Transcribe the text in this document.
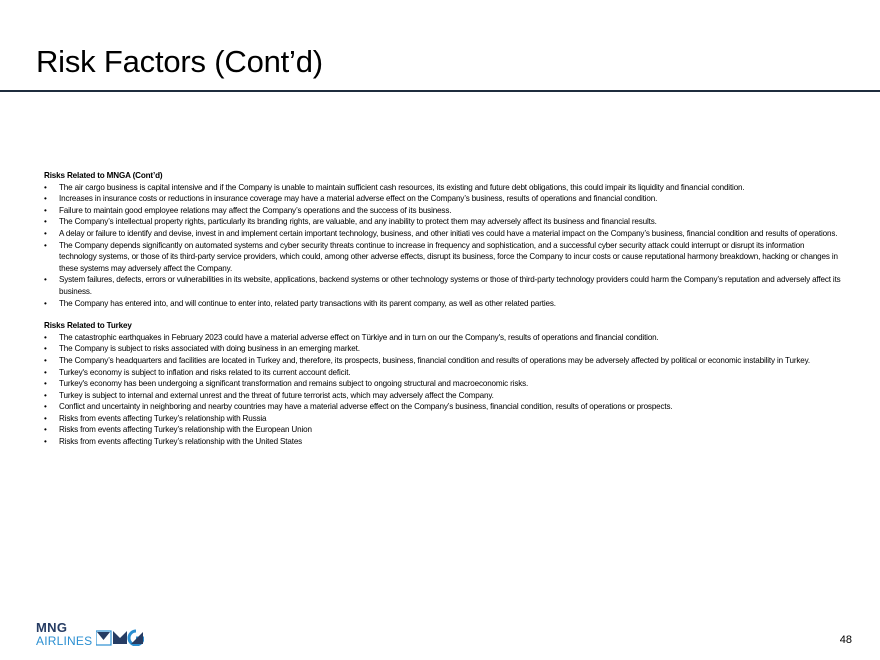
Risk Factors (Cont’d)

Risks Related to MNGA (Cont’d)

• The air cargo business is capital intensive and if the Company is unable to maintain sufficient cash resources, its existing and future debt obligations, this could impair its liquidity and financial condition.
• Increases in insurance costs or reductions in insurance coverage may have a material adverse effect on the Company’s business, results of operations and financial condition.
• Failure to maintain good employee relations may affect the Company’s operations and the success of its business.
• The Company’s intellectual property rights, particularly its branding rights, are valuable, and any inability to protect them may adversely affect its business and financial results.
• A delay or failure to identify and devise, invest in and implement certain important technology, business, and other initiati ves could have a material impact on the Company’s business, financial condition and results of operations.
• The Company depends significantly on automated systems and cyber security threats continue to increase in frequency and sophistication, and a successful cyber security attack could interrupt or disrupt its information technology systems, or those of its third-party service providers, which could, among other adverse effects, disrupt its business, force the Company to incur costs or cause reputational harmony breakdown, hacking or changes in these systems may adversely affect the Company.
• System failures, defects, errors or vulnerabilities in its website, applications, backend systems or other technology systems or those of third-party technology providers could harm the Company’s reputation and adversely affect its business.
• The Company has entered into, and will continue to enter into, related party transactions with its parent company, as well as other related parties.

Risks Related to Turkey

• The catastrophic earthquakes in February 2023 could have a material adverse effect on Türkiye and in turn on our the Company's, results of operations and financial condition.
• The Company is subject to risks associated with doing business in an emerging market.
• The Company’s headquarters and facilities are located in Turkey and, therefore, its prospects, business, financial condition and results of operations may be adversely affected by political or economic instability in Turkey.
• Turkey's economy is subject to inflation and risks related to its current account deficit.
• Turkey's economy has been undergoing a significant transformation and remains subject to ongoing structural and macroeconomic risks.
• Turkey is subject to internal and external unrest and the threat of future terrorist acts, which may adversely affect the Company.
• Conflict and uncertainty in neighboring and nearby countries may have a material adverse effect on the Company’s business, financial condition, results of operations or prospects.
• Risks from events affecting Turkey’s relationship with Russia
• Risks from events affecting Turkey’s relationship with the European Union
• Risks from events affecting Turkey’s relationship with the United States
MNG
AIRLINES	48
